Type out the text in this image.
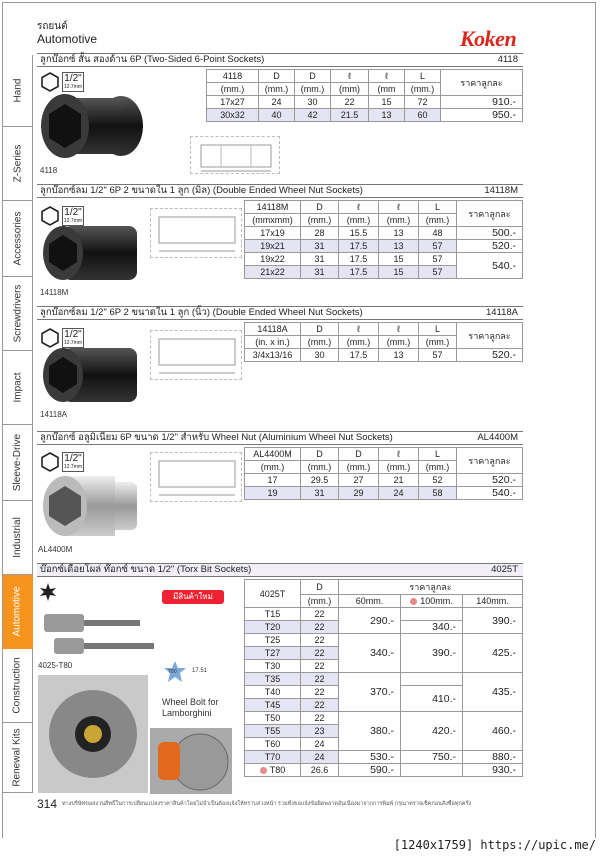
รถยนต์
Automotive	Koken
Hand
Z-Series
Accessories
Screwdrivers
Impact
Sleeve-Drive
Industrial
Automotive
Construction
Renewal Kits
ลูกบ๊อกซ์ สั้น สองด้าน 6P (Two-Sided 6-Point Sockets)	4118
1/2"
12.7mm
4118
4118	D	D	ℓ	ℓ	L	ราคาลูกละ
(mm.)	(mm.)	(mm.)	(mm)	(mm	(mm.)	
17x27	24	30	22	15	72	910.-
30x32	40	42	21.5	13	60	950.-
ลูกบ๊อกซ์ลม 1/2" 6P 2 ขนาดใน 1 ลูก (มิล) (Double Ended Wheel Nut Sockets)	14118M
1/2"
12.7mm
14118M
14118M	D	ℓ	ℓ	L	ราคาลูกละ
(mmxmm)	(mm.)	(mm.)	(mm.)	(mm.)	
17x19	28	15.5	13	48	500.-
19x21	31	17.5	13	57	520.-
19x22	31	17.5	15	57	540.-
21x22	31	17.5	15	57	
ลูกบ๊อกซ์ลม 1/2" 6P 2 ขนาดใน 1 ลูก (นิ้ว) (Double Ended Wheel Nut Sockets)	14118A
1/2"
12.7mm
14118A
14118A	D	ℓ	ℓ	L	ราคาลูกละ
(in. x in.)	(mm.)	(mm.)	(mm.)	(mm.)	
3/4x13/16	30	17.5	13	57	520.-
ลูกบ๊อกซ์ อลูมิเนียม 6P ขนาด 1/2" สำหรับ Wheel Nut (Aluminium Wheel Nut Sockets)	AL4400M
1/2"
12.7mm
AL4400M
AL4400M	D	D	ℓ	L	ราคาลูกละ
(mm.)	(mm.)	(mm.)	(mm.)	(mm.)	
17	29.5	27	21	52	520.-
19	31	29	24	58	540.-
บ๊อกซ์เดือยโผล่ ท๊อกซ์ ขนาด 1/2" (Torx Bit Sockets)	4025T
4025-T80
มีสินค้าใหม่
T80	17.51
Wheel Bolt for Lamborghini
4025T	D	ราคาลูกละ		
	(mm.)	60mm.	100mm.	140mm.
T15	22	290.-		390.-
T20	22		340.-	
T25	22	340.-	390.-	425.-
T27	22			
T30	22			
T35	22	370.-		435.-
T40	22		410.-	
T45	22			
T50	22	380.-	420.-	460.-
T55	23			
T60	24			
T70	24	530.-	750.-	880.-
T80	26.6	590.-		930.-
314 ทางบริษัทขอสงวนสิทธิ์ในการเปลี่ยนแปลงราคาสินค้าโดยไม่จำเป็นต้องแจ้งให้ทราบล่วงหน้า รวมทั้งขอแจ้งข้อผิดพลาดอันเนื่องมาจากการพิมพ์ กรุณาตรวจเช็คก่อนสั่งซื้อทุกครั้ง
[1240x1759] https://upic.me/
